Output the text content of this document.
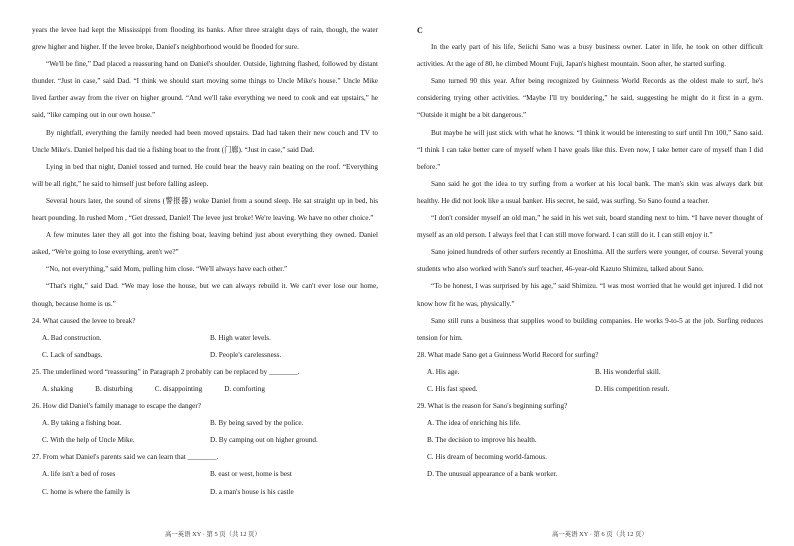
years the levee had kept the Mississippi from flooding its banks. After three straight days of rain, though, the water grew higher and higher. If the levee broke, Daniel's neighborhood would be flooded for sure.

“We'll be fine,” Dad placed a reassuring hand on Daniel's shoulder. Outside, lightning flashed, followed by distant thunder. “Just in case,” said Dad. “I think we should start moving some things to Uncle Mike's house.” Uncle Mike lived farther away from the river on higher ground. “And we'll take everything we need to cook and eat upstairs,” he said, “like camping out in our own house.”

By nightfall, everything the family needed had been moved upstairs. Dad had taken their new couch and TV to Uncle Mike's. Daniel helped his dad tie a fishing boat to the front (门廊). “Just in case,” said Dad.

Lying in bed that night, Daniel tossed and turned. He could hear the heavy rain beating on the roof. “Everything will be all right,” he said to himself just before falling asleep.

Several hours later, the sound of sirens (警报器) woke Daniel from a sound sleep. He sat straight up in bed, his heart pounding. In rushed Mom , “Get dressed, Daniel! The levee just broke! We're leaving. We have no other choice.”

A few minutes later they all got into the fishing boat, leaving behind just about everything they owned. Daniel asked, “We're going to lose everything, aren't we?”

“No, not everything,” said Mom, pulling him close. “We'll always have each other.”

“That's right,” said Dad. “We may lose the house, but we can always rebuild it. We can't ever lose our home, though, because home is us.”

24. What caused the levee to break?

A. Bad construction.	B. High water levels.
C. Lack of sandbags.	D. People's carelessness.

25. The underlined word “reassuring” in Paragraph 2 probably can be replaced by ________.

A. shaking	B. disturbing	C. disappointing	D. comforting

26. How did Daniel's family manage to escape the danger?

A. By taking a fishing boat.	B. By being saved by the police.
C. With the help of Uncle Mike.	D. By camping out on higher ground.

27. From what Daniel's parents said we can learn that ________.

A. life isn't a bed of roses	B. east or west, home is best
C. home is where the family is	D. a man's house is his castle

C

In the early part of his life, Seiichi Sano was a busy business owner. Later in life, he took on other difficult activities. At the age of 80, he climbed Mount Fuji, Japan's highest mountain. Soon after, he started surfing.

Sano turned 90 this year. After being recognized by Guinness World Records as the oldest male to surf, he's considering trying other activities. “Maybe I'll try bouldering,” he said, suggesting he might do it first in a gym. “Outside it might be a bit dangerous.”

But maybe he will just stick with what he knows. “I think it would be interesting to surf until I'm 100,” Sano said. “I think I can take better care of myself when I have goals like this. Even now, I take better care of myself than I did before.”

Sano said he got the idea to try surfing from a worker at his local bank. The man's skin was always dark but healthy. He did not look like a usual banker. His secret, he said, was surfing. So Sano found a teacher.

“I don't consider myself an old man,” he said in his wet suit, board standing next to him. “I have never thought of myself as an old person. I always feel that I can still move forward. I can still do it. I can still enjoy it.”

Sano joined hundreds of other surfers recently at Enoshima. All the surfers were younger, of course. Several young students who also worked with Sano's surf teacher, 46-year-old Kazuto Shimizu, talked about Sano.

“To be honest, I was surprised by his age,” said Shimizu. “I was most worried that he would get injured. I did not know how fit he was, physically.”

Sano still runs a business that supplies wood to building companies. He works 9-to-5 at the job. Surfing reduces tension for him.

28. What made Sano get a Guinness World Record for surfing?

A. His age.	B. His wonderful skill.
C. His fast speed.	D. His competition result.

29. What is the reason for Sano's beginning surfing?

A. The idea of enriching his life.
B. The decision to improve his health.
C. His dream of becoming world-famous.
D. The unusual appearance of a bank worker.
高一英语 XY · 第 5 页（共 12 页）	高一英语 XY · 第 6 页（共 12 页）
